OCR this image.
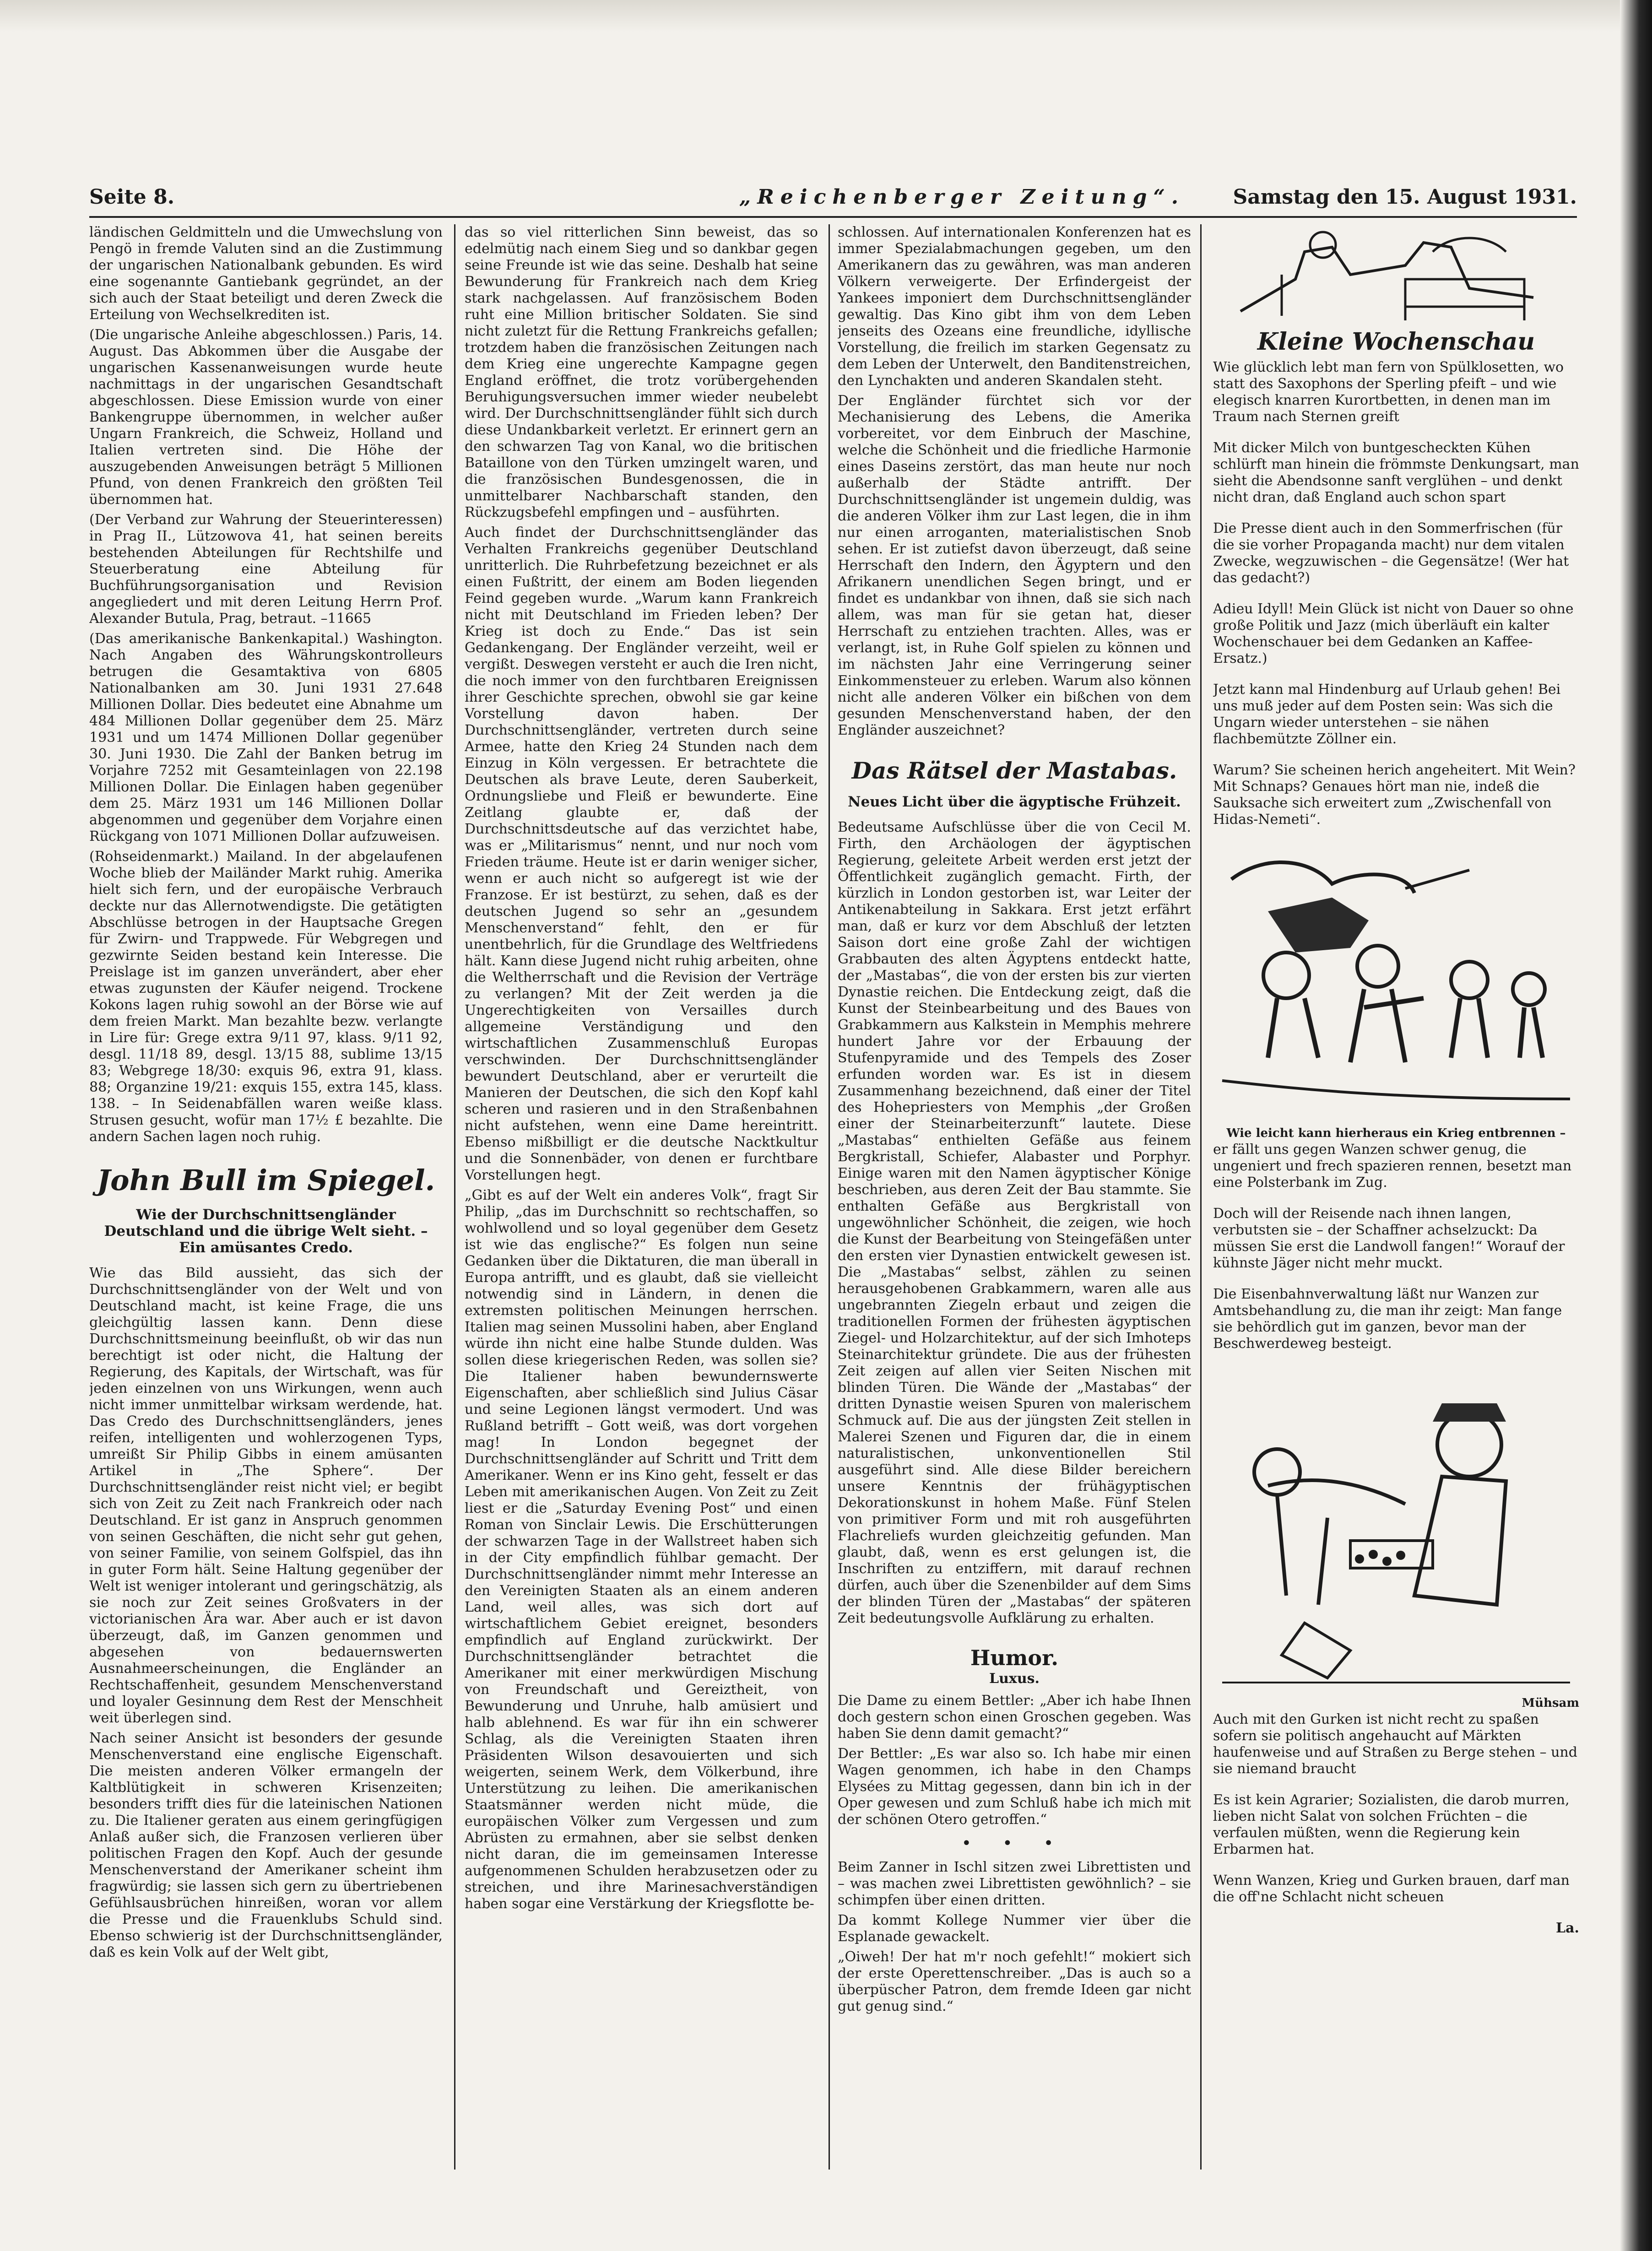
Seite 8.	„Reichenberger Zeitung“. Samstag den 15. August 1931.

ländischen Geldmitteln und die Umwechslung von Pengö in fremde Valuten sind an die Zustimmung der ungarischen Nationalbank gebunden. Es wird eine sogenannte Gantiebank gegründet, an der sich auch der Staat beteiligt und deren Zweck die Erteilung von Wechselkrediten ist.

(Die ungarische Anleihe abgeschlossen.) Paris, 14. August. Das Abkommen über die Ausgabe der ungarischen Kassenanweisungen wurde heute nachmittags in der ungarischen Gesandtschaft abgeschlossen. Diese Emission wurde von einer Bankengruppe übernommen, in welcher außer Ungarn Frankreich, die Schweiz, Holland und Italien vertreten sind. Die Höhe der auszugebenden Anweisungen beträgt 5 Millionen Pfund, von denen Frankreich den größten Teil übernommen hat.

(Der Verband zur Wahrung der Steuerinteressen) in Prag II., Lützowova 41, hat seinen bereits bestehenden Abteilungen für Rechtshilfe und Steuerberatung eine Abteilung für Buchführungsorganisation und Revision angegliedert und mit deren Leitung Herrn Prof. Alexander Butula, Prag, betraut. –11665

(Das amerikanische Bankenkapital.) Washington. Nach Angaben des Währungskontrolleurs betrugen die Gesamtaktiva von 6805 Nationalbanken am 30. Juni 1931 27.648 Millionen Dollar. Dies bedeutet eine Abnahme um 484 Millionen Dollar gegenüber dem 25. März 1931 und um 1474 Millionen Dollar gegenüber 30. Juni 1930. Die Zahl der Banken betrug im Vorjahre 7252 mit Gesamteinlagen von 22.198 Millionen Dollar. Die Einlagen haben gegenüber dem 25. März 1931 um 146 Millionen Dollar abgenommen und gegenüber dem Vorjahre einen Rückgang von 1071 Millionen Dollar aufzuweisen.

(Rohseidenmarkt.) Mailand. In der abgelaufenen Woche blieb der Mailänder Markt ruhig. Amerika hielt sich fern, und der europäische Verbrauch deckte nur das Allernotwendigste. Die getätigten Abschlüsse betrogen in der Hauptsache Gregen für Zwirn- und Trappwede. Für Webgregen und gezwirnte Seiden bestand kein Interesse. Die Preislage ist im ganzen unverändert, aber eher etwas zugunsten der Käufer neigend. Trockene Kokons lagen ruhig sowohl an der Börse wie auf dem freien Markt. Man bezahlte bezw. verlangte in Lire für: Grege extra 9/11 97, klass. 9/11 92, desgl. 11/18 89, desgl. 13/15 88, sublime 13/15 83; Webgrege 18/30: exquis 96, extra 91, klass. 88; Organzine 19/21: exquis 155, extra 145, klass. 138. – In Seidenabfällen waren weiße klass. Strusen gesucht, wofür man 17½ £ bezahlte. Die andern Sachen lagen noch ruhig.

John Bull im Spiegel.
Wie der Durchschnittsengländer Deutschland und die übrige Welt sieht. – Ein amüsantes Credo.

Wie das Bild aussieht, das sich der Durchschnittsengländer von der Welt und von Deutschland macht, ist keine Frage, die uns gleichgültig lassen kann. Denn diese Durchschnittsmeinung beeinflußt, ob wir das nun berechtigt ist oder nicht, die Haltung der Regierung, des Kapitals, der Wirtschaft, was für jeden einzelnen von uns Wirkungen, wenn auch nicht immer unmittelbar wirksam werdende, hat. Das Credo des Durchschnittsengländers, jenes reifen, intelligenten und wohlerzogenen Typs, umreißt Sir Philip Gibbs in einem amüsanten Artikel in „The Sphere“. Der Durchschnittsengländer reist nicht viel; er begibt sich von Zeit zu Zeit nach Frankreich oder nach Deutschland. Er ist ganz in Anspruch genommen von seinen Geschäften, die nicht sehr gut gehen, von seiner Familie, von seinem Golfspiel, das ihn in guter Form hält. Seine Haltung gegenüber der Welt ist weniger intolerant und geringschätzig, als sie noch zur Zeit seines Großvaters in der victorianischen Ära war. Aber auch er ist davon überzeugt, daß, im Ganzen genommen und abgesehen von bedauernswerten Ausnahmeerscheinungen, die Engländer an Rechtschaffenheit, gesundem Menschenverstand und loyaler Gesinnung dem Rest der Menschheit weit überlegen sind.

Nach seiner Ansicht ist besonders der gesunde Menschenverstand eine englische Eigenschaft. Die meisten anderen Völker ermangeln der Kaltblütigkeit in schweren Krisenzeiten; besonders trifft dies für die lateinischen Nationen zu. Die Italiener geraten aus einem geringfügigen Anlaß außer sich, die Franzosen verlieren über politischen Fragen den Kopf. Auch der gesunde Menschenverstand der Amerikaner scheint ihm fragwürdig; sie lassen sich gern zu übertriebenen Gefühlsausbrüchen hinreißen, woran vor allem die Presse und die Frauenklubs Schuld sind. Ebenso schwierig ist der Durchschnittsengländer, daß es kein Volk auf der Welt gibt,

das so viel ritterlichen Sinn beweist, das so edelmütig nach einem Sieg und so dankbar gegen seine Freunde ist wie das seine. Deshalb hat seine Bewunderung für Frankreich nach dem Krieg stark nachgelassen. Auf französischem Boden ruht eine Million britischer Soldaten. Sie sind nicht zuletzt für die Rettung Frankreichs gefallen; trotzdem haben die französischen Zeitungen nach dem Krieg eine ungerechte Kampagne gegen England eröffnet, die trotz vorübergehenden Beruhigungsversuchen immer wieder neubelebt wird. Der Durchschnittsengländer fühlt sich durch diese Undankbarkeit verletzt. Er erinnert gern an den schwarzen Tag von Kanal, wo die britischen Bataillone von den Türken umzingelt waren, und die französischen Bundesgenossen, die in unmittelbarer Nachbarschaft standen, den Rückzugsbefehl empfingen und – ausführten.

Auch findet der Durchschnittsengländer das Verhalten Frankreichs gegenüber Deutschland unritterlich. Die Ruhrbefetzung bezeichnet er als einen Fußtritt, der einem am Boden liegenden Feind gegeben wurde. „Warum kann Frankreich nicht mit Deutschland im Frieden leben? Der Krieg ist doch zu Ende.“ Das ist sein Gedankengang. Der Engländer verzeiht, weil er vergißt. Deswegen versteht er auch die Iren nicht, die noch immer von den furchtbaren Ereignissen ihrer Geschichte sprechen, obwohl sie gar keine Vorstellung davon haben. Der Durchschnittsengländer, vertreten durch seine Armee, hatte den Krieg 24 Stunden nach dem Einzug in Köln vergessen. Er betrachtete die Deutschen als brave Leute, deren Sauberkeit, Ordnungsliebe und Fleiß er bewunderte. Eine Zeitlang glaubte er, daß der Durchschnittsdeutsche auf das verzichtet habe, was er „Militarismus“ nennt, und nur noch vom Frieden träume. Heute ist er darin weniger sicher, wenn er auch nicht so aufgeregt ist wie der Franzose. Er ist bestürzt, zu sehen, daß es der deutschen Jugend so sehr an „gesundem Menschenverstand“ fehlt, den er für unentbehrlich, für die Grundlage des Weltfriedens hält. Kann diese Jugend nicht ruhig arbeiten, ohne die Weltherrschaft und die Revision der Verträge zu verlangen? Mit der Zeit werden ja die Ungerechtigkeiten von Versailles durch allgemeine Verständigung und den wirtschaftlichen Zusammenschluß Europas verschwinden. Der Durchschnittsengländer bewundert Deutschland, aber er verurteilt die Manieren der Deutschen, die sich den Kopf kahl scheren und rasieren und in den Straßenbahnen nicht aufstehen, wenn eine Dame hereintritt. Ebenso mißbilligt er die deutsche Nacktkultur und die Sonnenbäder, von denen er furchtbare Vorstellungen hegt.

„Gibt es auf der Welt ein anderes Volk“, fragt Sir Philip, „das im Durchschnitt so rechtschaffen, so wohlwollend und so loyal gegenüber dem Gesetz ist wie das englische?“ Es folgen nun seine Gedanken über die Diktaturen, die man überall in Europa antrifft, und es glaubt, daß sie vielleicht notwendig sind in Ländern, in denen die extremsten politischen Meinungen herrschen. Italien mag seinen Mussolini haben, aber England würde ihn nicht eine halbe Stunde dulden. Was sollen diese kriegerischen Reden, was sollen sie? Die Italiener haben bewundernswerte Eigenschaften, aber schließlich sind Julius Cäsar und seine Legionen längst vermodert. Und was Rußland betrifft – Gott weiß, was dort vorgehen mag! In London begegnet der Durchschnittsengländer auf Schritt und Tritt dem Amerikaner. Wenn er ins Kino geht, fesselt er das Leben mit amerikanischen Augen. Von Zeit zu Zeit liest er die „Saturday Evening Post“ und einen Roman von Sinclair Lewis. Die Erschütterungen der schwarzen Tage in der Wallstreet haben sich in der City empfindlich fühlbar gemacht. Der Durchschnittsengländer nimmt mehr Interesse an den Vereinigten Staaten als an einem anderen Land, weil alles, was sich dort auf wirtschaftlichem Gebiet ereignet, besonders empfindlich auf England zurückwirkt. Der Durchschnittsengländer betrachtet die Amerikaner mit einer merkwürdigen Mischung von Freundschaft und Gereiztheit, von Bewunderung und Unruhe, halb amüsiert und halb ablehnend. Es war für ihn ein schwerer Schlag, als die Vereinigten Staaten ihren Präsidenten Wilson desavouierten und sich weigerten, seinem Werk, dem Völkerbund, ihre Unterstützung zu leihen. Die amerikanischen Staatsmänner werden nicht müde, die europäischen Völker zum Vergessen und zum Abrüsten zu ermahnen, aber sie selbst denken nicht daran, die im gemeinsamen Interesse aufgenommenen Schulden herabzusetzen oder zu streichen, und ihre Marinesachverständigen haben sogar eine Verstärkung der Kriegsflotte be-

schlossen. Auf internationalen Konferenzen hat es immer Spezialabmachungen gegeben, um den Amerikanern das zu gewähren, was man anderen Völkern verweigerte. Der Erfindergeist der Yankees imponiert dem Durchschnittsengländer gewaltig. Das Kino gibt ihm von dem Leben jenseits des Ozeans eine freundliche, idyllische Vorstellung, die freilich im starken Gegensatz zu dem Leben der Unterwelt, den Banditenstreichen, den Lynchakten und anderen Skandalen steht.

Der Engländer fürchtet sich vor der Mechanisierung des Lebens, die Amerika vorbereitet, vor dem Einbruch der Maschine, welche die Schönheit und die friedliche Harmonie eines Daseins zerstört, das man heute nur noch außerhalb der Städte antrifft. Der Durchschnittsengländer ist ungemein duldig, was die anderen Völker ihm zur Last legen, die in ihm nur einen arroganten, materialistischen Snob sehen. Er ist zutiefst davon überzeugt, daß seine Herrschaft den Indern, den Ägyptern und den Afrikanern unendlichen Segen bringt, und er findet es undankbar von ihnen, daß sie sich nach allem, was man für sie getan hat, dieser Herrschaft zu entziehen trachten. Alles, was er verlangt, ist, in Ruhe Golf spielen zu können und im nächsten Jahr eine Verringerung seiner Einkommensteuer zu erleben. Warum also können nicht alle anderen Völker ein bißchen von dem gesunden Menschenverstand haben, der den Engländer auszeichnet?

Das Rätsel der Mastabas.
Neues Licht über die ägyptische Frühzeit.

Bedeutsame Aufschlüsse über die von Cecil M. Firth, den Archäologen der ägyptischen Regierung, geleitete Arbeit werden erst jetzt der Öffentlichkeit zugänglich gemacht. Firth, der kürzlich in London gestorben ist, war Leiter der Antikenabteilung in Sakkara. Erst jetzt erfährt man, daß er kurz vor dem Abschluß der letzten Saison dort eine große Zahl der wichtigen Grabbauten des alten Ägyptens entdeckt hatte, der „Mastabas“, die von der ersten bis zur vierten Dynastie reichen. Die Entdeckung zeigt, daß die Kunst der Steinbearbeitung und des Baues von Grabkammern aus Kalkstein in Memphis mehrere hundert Jahre vor der Erbauung der Stufenpyramide und des Tempels des Zoser erfunden worden war. Es ist in diesem Zusammenhang bezeichnend, daß einer der Titel des Hohepriesters von Memphis „der Großen einer der Steinarbeiterzunft“ lautete. Diese „Mastabas“ enthielten Gefäße aus feinem Bergkristall, Schiefer, Alabaster und Porphyr. Einige waren mit den Namen ägyptischer Könige beschrieben, aus deren Zeit der Bau stammte. Sie enthalten Gefäße aus Bergkristall von ungewöhnlicher Schönheit, die zeigen, wie hoch die Kunst der Bearbeitung von Steingefäßen unter den ersten vier Dynastien entwickelt gewesen ist. Die „Mastabas“ selbst, zählen zu seinen herausgehobenen Grabkammern, waren alle aus ungebrannten Ziegeln erbaut und zeigen die traditionellen Formen der frühesten ägyptischen Ziegel- und Holzarchitektur, auf der sich Imhoteps Steinarchitektur gründete. Die aus der frühesten Zeit zeigen auf allen vier Seiten Nischen mit blinden Türen. Die Wände der „Mastabas“ der dritten Dynastie weisen Spuren von malerischem Schmuck auf. Die aus der jüngsten Zeit stellen in Malerei Szenen und Figuren dar, die in einem naturalistischen, unkonventionellen Stil ausgeführt sind. Alle diese Bilder bereichern unsere Kenntnis der frühägyptischen Dekorationskunst in hohem Maße. Fünf Stelen von primitiver Form und mit roh ausgeführten Flachreliefs wurden gleichzeitig gefunden. Man glaubt, daß, wenn es erst gelungen ist, die Inschriften zu entziffern, mit darauf rechnen dürfen, auch über die Szenenbilder auf dem Sims der blinden Türen der „Mastabas“ der späteren Zeit bedeutungsvolle Aufklärung zu erhalten.

Humor.
Luxus.

Die Dame zu einem Bettler: „Aber ich habe Ihnen doch gestern schon einen Groschen gegeben. Was haben Sie denn damit gemacht?“

Der Bettler: „Es war also so. Ich habe mir einen Wagen genommen, ich habe in den Champs Elysées zu Mittag gegessen, dann bin ich in der Oper gewesen und zum Schluß habe ich mich mit der schönen Otero getroffen.“

• • •

Beim Zanner in Ischl sitzen zwei Librettisten und – was machen zwei Librettisten gewöhnlich? – sie schimpfen über einen dritten.

Da kommt Kollege Nummer vier über die Esplanade gewackelt.

„Oiweh! Der hat m'r noch gefehlt!“ mokiert sich der erste Operettenschreiber. „Das is auch so a überpüscher Patron, dem fremde Ideen gar nicht gut genug sind.“

Kleine Wochenschau
Wie glücklich lebt man fern von Spülklosetten, wo statt des Saxophons der Sperling pfeift – und wie elegisch knarren Kurortbetten, in denen man im Traum nach Sternen greift
Mit dicker Milch von buntgescheckten Kühen schlürft man hinein die frömmste Denkungsart, man sieht die Abendsonne sanft verglühen – und denkt nicht dran, daß England auch schon spart
Die Presse dient auch in den Sommerfrischen (für die sie vorher Propaganda macht) nur dem vitalen Zwecke, wegzuwischen – die Gegensätze! (Wer hat das gedacht?)
Adieu Idyll! Mein Glück ist nicht von Dauer so ohne große Politik und Jazz (mich überläuft ein kalter Wochenschauer bei dem Gedanken an Kaffee-Ersatz.)
Jetzt kann mal Hindenburg auf Urlaub gehen! Bei uns muß jeder auf dem Posten sein: Was sich die Ungarn wieder unterstehen – sie nähen flachbemützte Zöllner ein.
Warum? Sie scheinen herich angeheitert. Mit Wein? Mit Schnaps? Genaues hört man nie, indeß die Sauksache sich erweitert zum „Zwischenfall von Hidas-Nemeti“.
Wie leicht kann hierheraus ein Krieg entbrennen –
er fällt uns gegen Wanzen schwer genug, die ungeniert und frech spazieren rennen, besetzt man eine Polsterbank im Zug.
Doch will der Reisende nach ihnen langen, verbutsten sie – der Schaffner achselzuckt: Da müssen Sie erst die Landwoll fangen!“ Worauf der kühnste Jäger nicht mehr muckt.
Die Eisenbahnverwaltung läßt nur Wanzen zur Amtsbehandlung zu, die man ihr zeigt: Man fange sie behördlich gut im ganzen, bevor man der Beschwerdeweg besteigt.
Mühsam
Auch mit den Gurken ist nicht recht zu spaßen sofern sie politisch angehaucht auf Märkten haufenweise und auf Straßen zu Berge stehen – und sie niemand braucht
Es ist kein Agrarier; Sozialisten, die darob murren, lieben nicht Salat von solchen Früchten – die verfaulen müßten, wenn die Regierung kein Erbarmen hat.
Wenn Wanzen, Krieg und Gurken brauen, darf man die off'ne Schlacht nicht scheuen
La.
